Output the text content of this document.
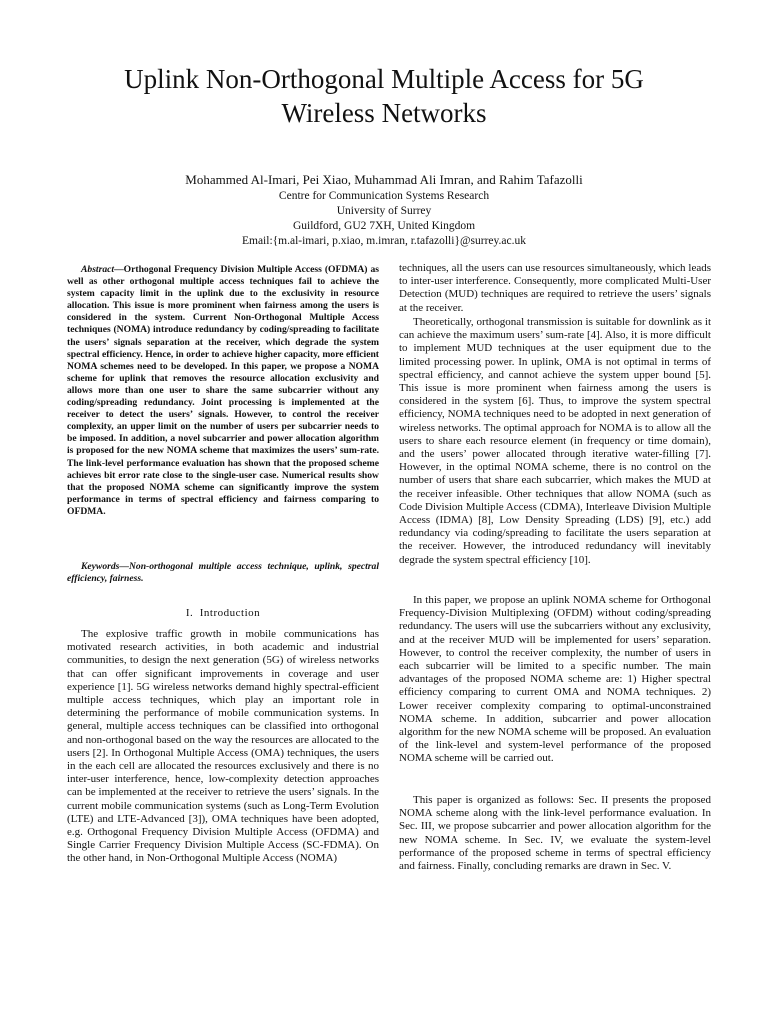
Uplink Non-Orthogonal Multiple Access for 5G
Wireless Networks
Mohammed Al-Imari, Pei Xiao, Muhammad Ali Imran, and Rahim Tafazolli
Centre for Communication Systems Research
University of Surrey
Guildford, GU2 7XH, United Kingdom
Email:{m.al-imari, p.xiao, m.imran, r.tafazolli}@surrey.ac.uk

Abstract—Orthogonal Frequency Division Multiple Access (OFDMA) as well as other orthogonal multiple access techniques fail to achieve the system capacity limit in the uplink due to the exclusivity in resource allocation. This issue is more prominent when fairness among the users is considered in the system. Current Non-Orthogonal Multiple Access techniques (NOMA) introduce redundancy by coding/spreading to facilitate the users’ signals separation at the receiver, which degrade the system spectral efficiency. Hence, in order to achieve higher capacity, more efficient NOMA schemes need to be developed. In this paper, we propose a NOMA scheme for uplink that removes the resource allocation exclusivity and allows more than one user to share the same subcarrier without any coding/spreading redundancy. Joint processing is implemented at the receiver to detect the users’ signals. However, to control the receiver complexity, an upper limit on the number of users per subcarrier needs to be imposed. In addition, a novel subcarrier and power allocation algorithm is proposed for the new NOMA scheme that maximizes the users’ sum-rate. The link-level performance evaluation has shown that the proposed scheme achieves bit error rate close to the single-user case. Numerical results show that the proposed NOMA scheme can significantly improve the system performance in terms of spectral efficiency and fairness comparing to OFDMA.

Keywords—Non-orthogonal multiple access technique, uplink, spectral efficiency, fairness.

I. Introduction

The explosive traffic growth in mobile communications has motivated research activities, in both academic and industrial communities, to design the next generation (5G) of wireless networks that can offer significant improvements in coverage and user experience [1]. 5G wireless networks demand highly spectral-efficient multiple access techniques, which play an important role in determining the performance of mobile communication systems. In general, multiple access techniques can be classified into orthogonal and non-orthogonal based on the way the resources are allocated to the users [2]. In Orthogonal Multiple Access (OMA) techniques, the users in the each cell are allocated the resources exclusively and there is no inter-user interference, hence, low-complexity detection approaches can be implemented at the receiver to retrieve the users’ signals. In the current mobile communication systems (such as Long-Term Evolution (LTE) and LTE-Advanced [3]), OMA techniques have been adopted, e.g. Orthogonal Frequency Division Multiple Access (OFDMA) and Single Carrier Frequency Division Multiple Access (SC-FDMA). On the other hand, in Non-Orthogonal Multiple Access (NOMA)

techniques, all the users can use resources simultaneously, which leads to inter-user interference. Consequently, more complicated Multi-User Detection (MUD) techniques are required to retrieve the users’ signals at the receiver.

Theoretically, orthogonal transmission is suitable for downlink as it can achieve the maximum users’ sum-rate [4]. Also, it is more difficult to implement MUD techniques at the user equipment due to the limited processing power. In uplink, OMA is not optimal in terms of spectral efficiency, and cannot achieve the system upper bound [5]. This issue is more prominent when fairness among the users is considered in the system [6]. Thus, to improve the system spectral efficiency, NOMA techniques need to be adopted in next generation of wireless networks. The optimal approach for NOMA is to allow all the users to share each resource element (in frequency or time domain), and the users’ power allocated through iterative water-filling [7]. However, in the optimal NOMA scheme, there is no control on the number of users that share each subcarrier, which makes the MUD at the receiver infeasible. Other techniques that allow NOMA (such as Code Division Multiple Access (CDMA), Interleave Division Multiple Access (IDMA) [8], Low Density Spreading (LDS) [9], etc.) add redundancy via coding/spreading to facilitate the users separation at the receiver. However, the introduced redundancy will inevitably degrade the system spectral efficiency [10].

In this paper, we propose an uplink NOMA scheme for Orthogonal Frequency-Division Multiplexing (OFDM) without coding/spreading redundancy. The users will use the subcarriers without any exclusivity, and at the receiver MUD will be implemented for users’ separation. However, to control the receiver complexity, the number of users in each subcarrier will be limited to a specific number. The main advantages of the proposed NOMA scheme are: 1) Higher spectral efficiency comparing to current OMA and NOMA techniques. 2) Lower receiver complexity comparing to optimal-unconstrained NOMA scheme. In addition, subcarrier and power allocation algorithm for the new NOMA scheme will be proposed. An evaluation of the link-level and system-level performance of the proposed NOMA scheme will be carried out.

This paper is organized as follows: Sec. II presents the proposed NOMA scheme along with the link-level performance evaluation. In Sec. III, we propose subcarrier and power allocation algorithm for the new NOMA scheme. In Sec. IV, we evaluate the system-level performance of the proposed scheme in terms of spectral efficiency and fairness. Finally, concluding remarks are drawn in Sec. V.
